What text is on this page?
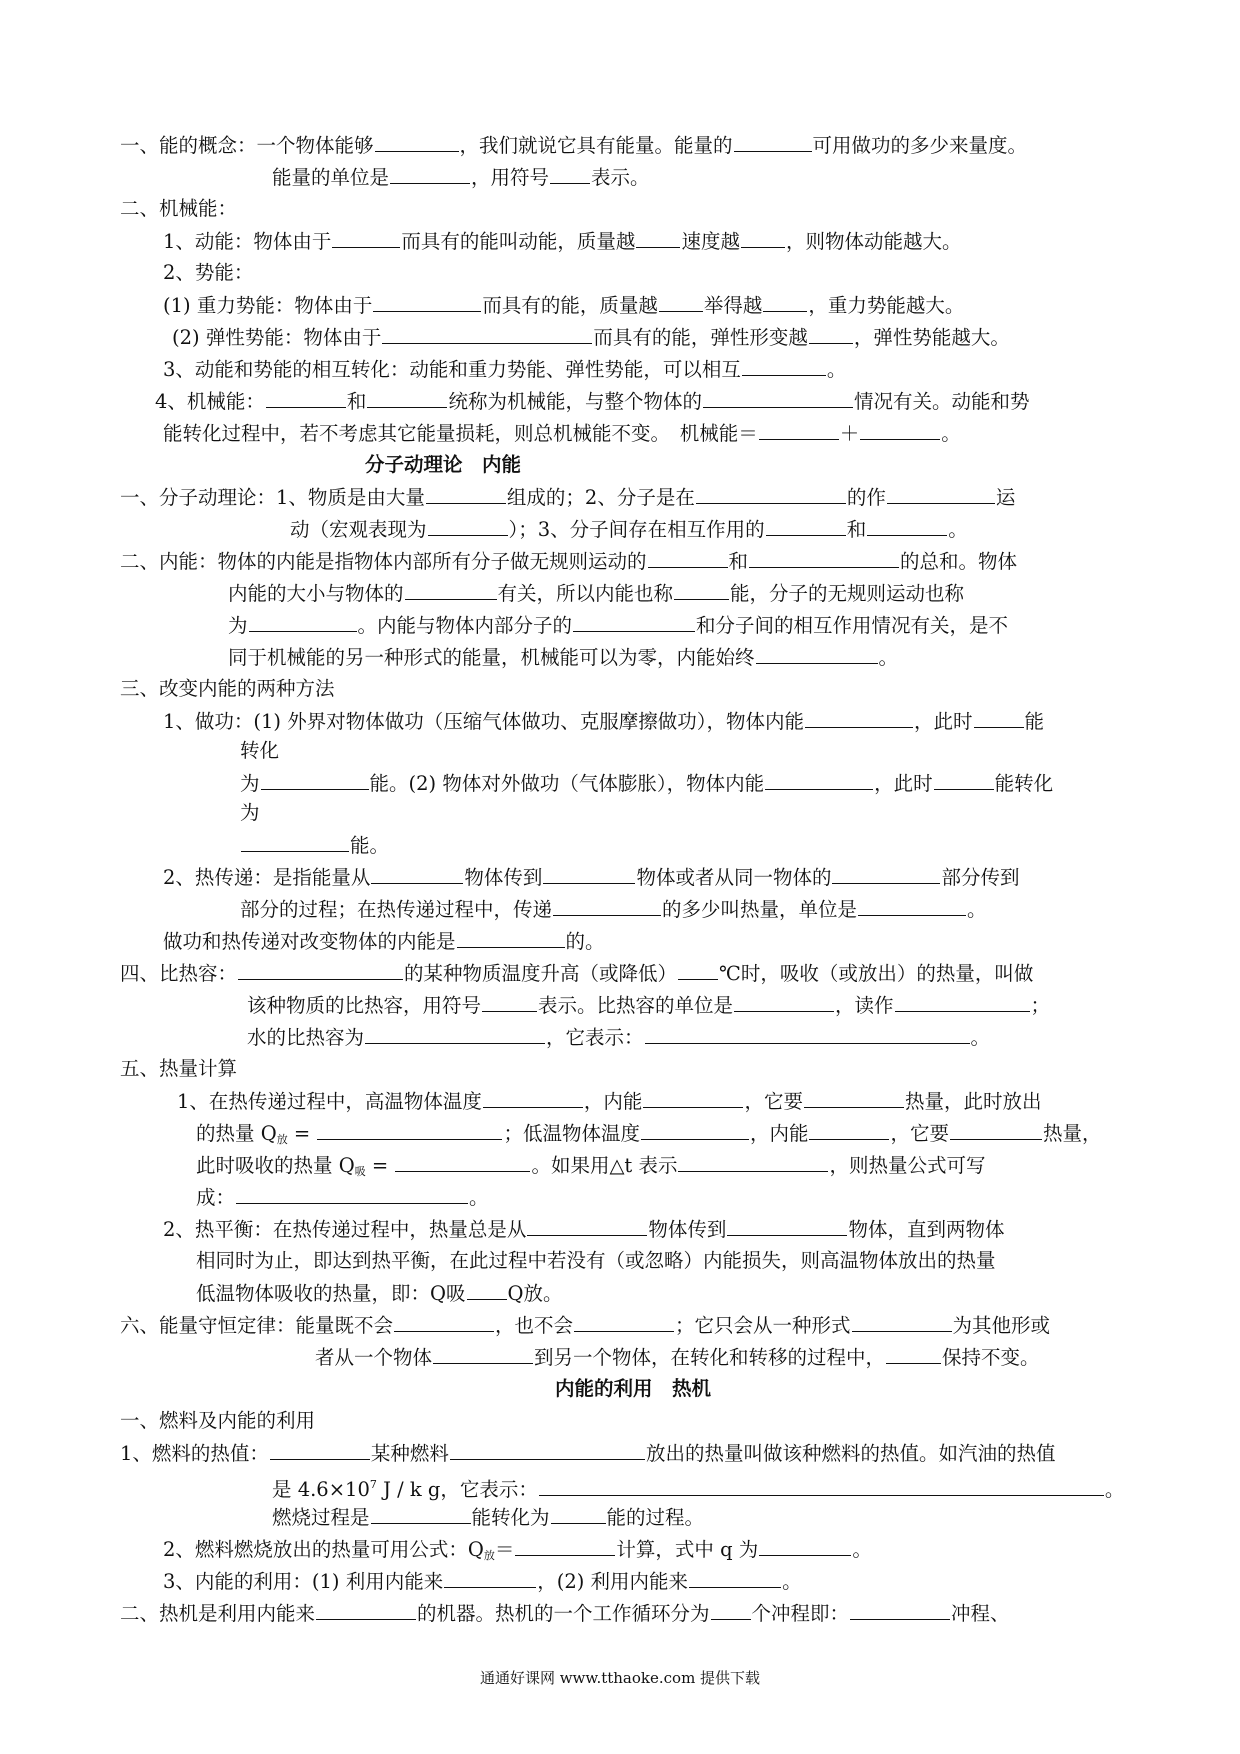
一、能的概念：一个物体能够	，我们就说它具有能量。能量的	可用做功的多少来量度。
能量的单位是	，用符号 表示。
二、机械能：
1、动能：物体由于	而具有的能叫动能，质量越 速度越 ，则物体动能越大。
2、势能：
(1) 重力势能：物体由于	而具有的能，质量越 举得越 ，重力势能越大。
(2) 弹性势能：物体由于	而具有的能，弹性形变越 ，弹性势能越大。
3、动能和势能的相互转化：动能和重力势能、弹性势能，可以相互	。
4、机械能：	和	统称为机械能，与整个物体的	情况有关。动能和势
能转化过程中，若不考虑其它能量损耗，则总机械能不变。　机械能＝	＋	。
分子动理论　内能
一、分子动理论：1、物质是由大量	组成的；2、分子是在	的作	运
动（宏观表现为	）；3、分子间存在相互作用的	和	。
二、内能：物体的内能是指物体内部所有分子做无规则运动的	和	的总和。物体
内能的大小与物体的	有关，所以内能也称	能，分子的无规则运动也称
为	。内能与物体内部分子的	和分子间的相互作用情况有关，是不
同于机械能的另一种形式的能量，机械能可以为零，内能始终	。
三、改变内能的两种方法
1、做功：(1) 外界对物体做功（压缩气体做功、克服摩擦做功），物体内能	，此时	能
转化
为	能。(2) 物体对外做功（气体膨胀），物体内能	，此时	能转化
为
能。
2、热传递：是指能量从	物体传到	物体或者从同一物体的	部分传到
部分的过程；在热传递过程中，传递	的多少叫热量，单位是	。
做功和热传递对改变物体的内能是	的。
四、比热容：	的某种物质温度升高（或降低） ℃时，吸收（或放出）的热量，叫做
该种物质的比热容，用符号	表示。比热容的单位是	，读作	；
水的比热容为	，它表示：	。
五、热量计算
1、在热传递过程中，高温物体温度	，内能	，它要	热量，此时放出
的热量 $Q_放$ =	；低温物体温度	，内能	，它要	热量，
此时吸收的热量 $Q_吸$ =	。如果用△t 表示	，则热量公式可写
成：	。
2、热平衡：在热传递过程中，热量总是从	物体传到	物体，直到两物体
相同时为止，即达到热平衡，在此过程中若没有（或忽略）内能损失，则高温物体放出的热量
低温物体吸收的热量，即：Q吸 Q放。
六、能量守恒定律：能量既不会	，也不会	；它只会从一种形式	为其他形或
者从一个物体	到另一个物体，在转化和转移的过程中，	保持不变。
内能的利用　热机
一、燃料及内能的利用
1、燃料的热值：	某种燃料	放出的热量叫做该种燃料的热值。如汽油的热值
是 $4.6\times 10^7$ J / k g，它表示：	。
燃烧过程是	能转化为	能的过程。
2、燃料燃烧放出的热量可用公式：$Q_放=$	计算，式中 q 为	。
3、内能的利用：(1) 利用内能来	，(2) 利用内能来	。
二、热机是利用内能来	的机器。热机的一个工作循环分为 个冲程即：	冲程、
通通好课网 www.tthaoke.com 提供下载
